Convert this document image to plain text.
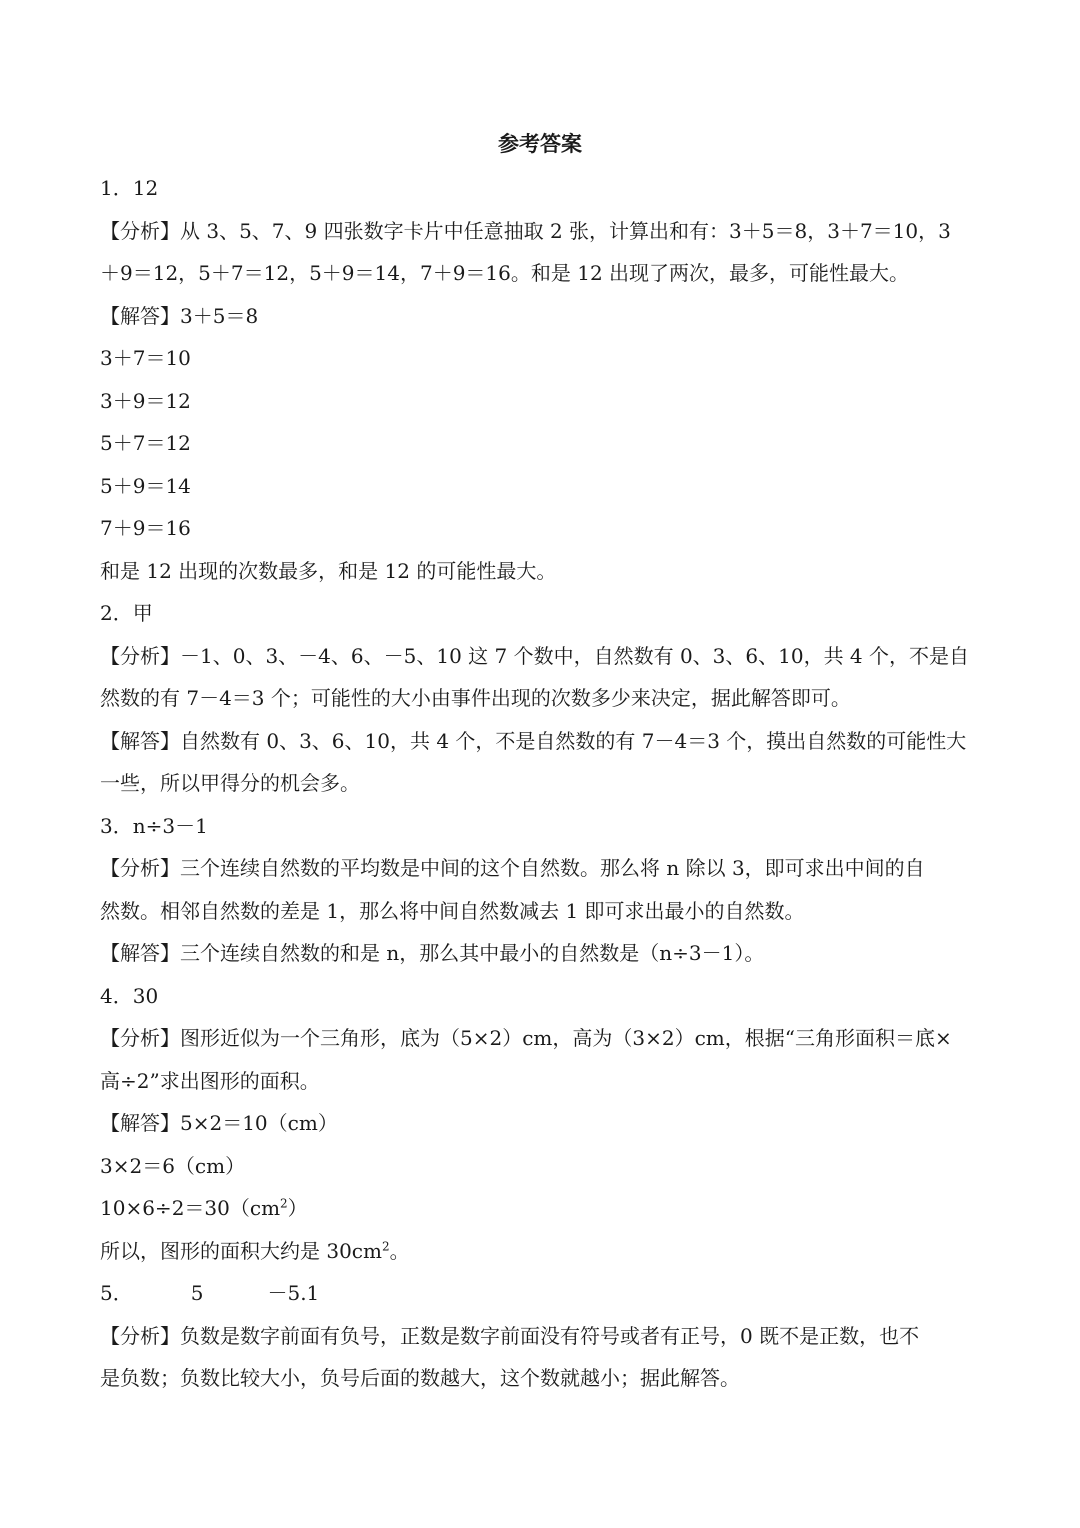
参考答案
1．12
【分析】从 3、5、7、9 四张数字卡片中任意抽取 2 张，计算出和有：3＋5＝8，3＋7＝10，3
＋9＝12，5＋7＝12，5＋9＝14，7＋9＝16。和是 12 出现了两次，最多，可能性最大。
【解答】3＋5＝8
3＋7＝10
3＋9＝12
5＋7＝12
5＋9＝14
7＋9＝16
和是 12 出现的次数最多，和是 12 的可能性最大。
2．甲
【分析】－1、0、3、－4、6、－5、10 这 7 个数中，自然数有 0、3、6、10，共 4 个，不是自
然数的有 7－4＝3 个；可能性的大小由事件出现的次数多少来决定，据此解答即可。
【解答】自然数有 0、3、6、10，共 4 个，不是自然数的有 7－4＝3 个，摸出自然数的可能性大
一些，所以甲得分的机会多。
3．n÷3－1
【分析】三个连续自然数的平均数是中间的这个自然数。那么将 n 除以 3，即可求出中间的自
然数。相邻自然数的差是 1，那么将中间自然数减去 1 即可求出最小的自然数。
【解答】三个连续自然数的和是 n，那么其中最小的自然数是（n÷3－1）。
4．30
【分析】图形近似为一个三角形，底为（5×2）cm，高为（3×2）cm，根据“三角形面积＝底×
高÷2”求出图形的面积。
【解答】5×2＝10（cm）
3×2＝6（cm）
$10\times 6\div 2=30(cm^2)$
所以，图形的面积大约是 $30cm^2$。
5．	5	－5.1
【分析】负数是数字前面有负号，正数是数字前面没有符号或者有正号，0 既不是正数，也不
是负数；负数比较大小，负号后面的数越大，这个数就越小；据此解答。
